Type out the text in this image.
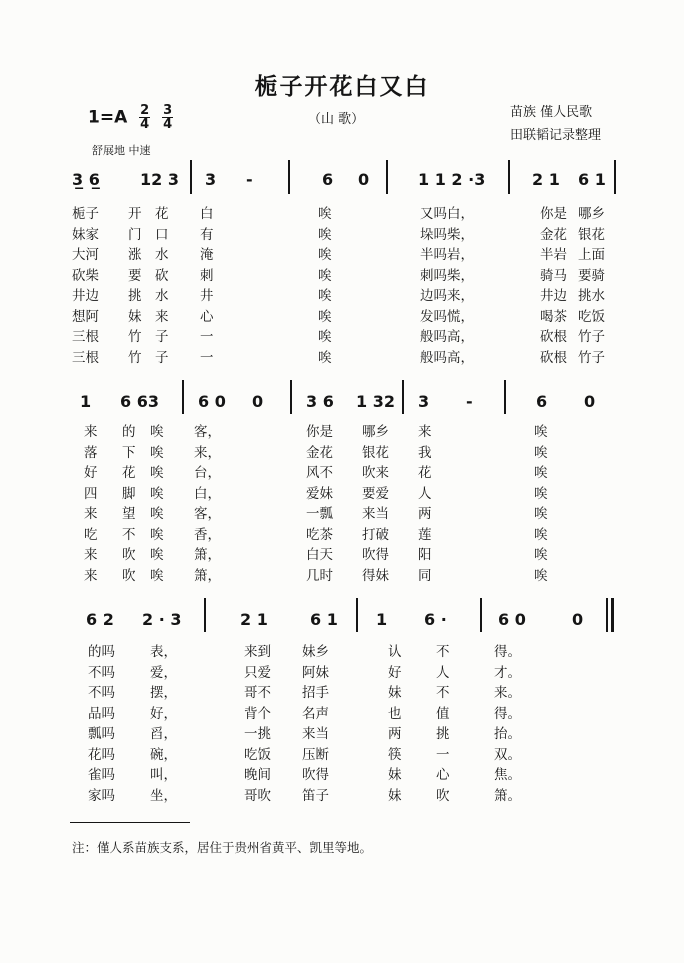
栀子开花白又白
$1=A \frac{2}{4}$
$\frac{3}{4}$	（山 歌）	苗族 僅人民歌
田联韬记录整理
舒展地 中速
3̲ 6̲	12 3 3 -	6 0	1 1 2 ·3	2 1 6 1
栀子 开 花 白	唉	又吗白，	你是 哪乡
妹家 门 口 有	唉	垛吗柴，	金花 银花
大河 涨 水 淹	唉	半吗岩，	半岩 上面
砍柴 要 砍 刺	唉	刺吗柴，	骑马 要骑
井边 挑 水 井	唉	边吗来，	井边 挑水
想阿 妹 来 心	唉	发吗慌，	喝茶 吃饭
三根 竹 子 一	唉	般吗高，	砍根 竹子
三根 竹 子 一	唉	般吗高，	砍根 竹子
1 6 63 6 0 0	3 6 1 32 3 -	6 0
来 的 唉 客，	你是 哪乡 来	唉
落 下 唉 来，	金花 银花 我	唉
好 花 唉 台，	风不 吹来 花	唉
四 脚 唉 白，	爱妹 要爱 人	唉
来 望 唉 客，	一瓢 来当 两	唉
吃 不 唉 香，	吃茶 打破 莲	唉
来 吹 唉 箫，	白天 吹得 阳	唉
来 吹 唉 箫，	几时 得妹 同	唉
6 2 2 · 3	2 1	6 1 1 6 ·	6 0	0
的吗	表，	来到 妹乡	认	不	得。
不吗	爱，	只爱 阿妹	好	人	才。
不吗	摆，	哥不 招手	妹	不	来。
品吗	好，	背个 名声	也	值	得。
瓢吗	舀，	一挑 来当	两	挑	抬。
花吗	碗，	吃饭 压断	筷	一	双。
雀吗	叫，	晚间 吹得	妹	心	焦。
家吗	坐，	哥吹 笛子	妹	吹	箫。
注：僅人系苗族支系，居住于贵州省黄平、凯里等地。
